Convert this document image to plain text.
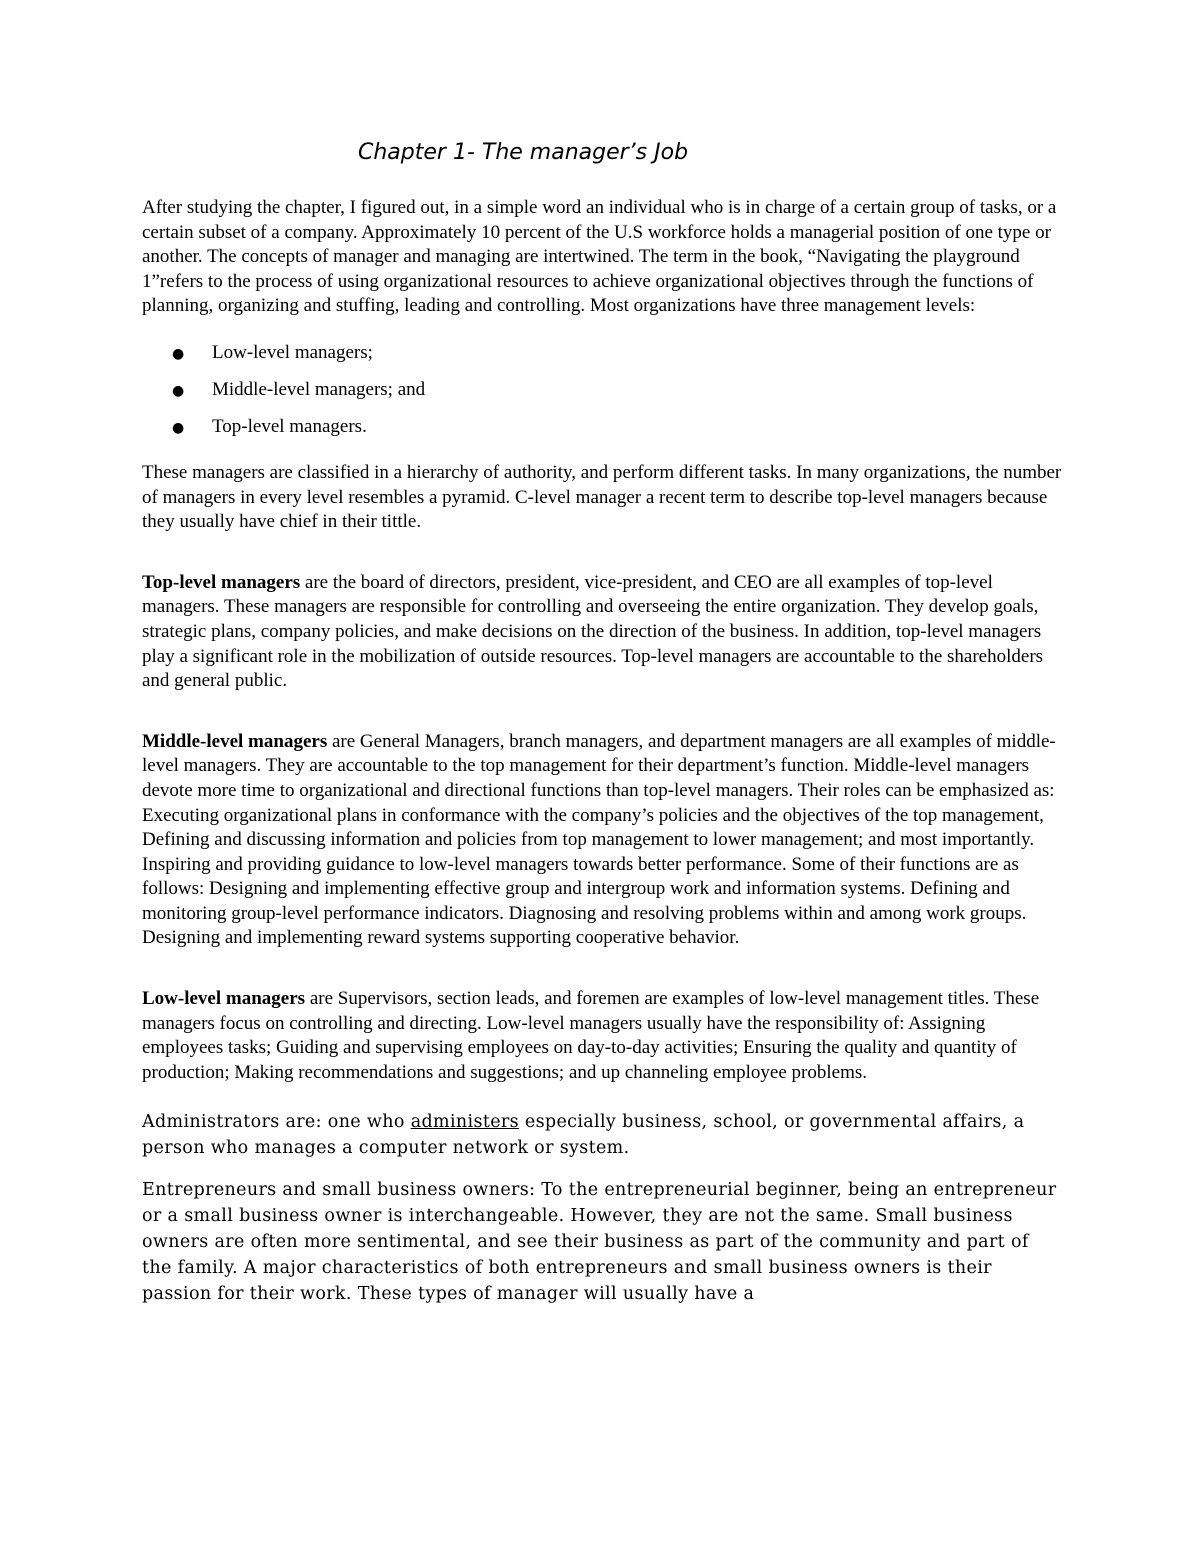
Chapter 1- The manager’s Job

After studying the chapter, I figured out, in a simple word an individual who is in charge of a certain group of tasks, or a certain subset of a company. Approximately 10 percent of the U.S workforce holds a managerial position of one type or another. The concepts of manager and managing are intertwined. The term in the book, “Navigating the playground 1”refers to the process of using organizational resources to achieve organizational objectives through the functions of planning, organizing and stuffing, leading and controlling. Most organizations have three management levels:

● Low-level managers;
● Middle-level managers; and
● Top-level managers.

These managers are classified in a hierarchy of authority, and perform different tasks. In many organizations, the number of managers in every level resembles a pyramid. C-level manager a recent term to describe top-level managers because they usually have chief in their tittle.

Top-level managers are the board of directors, president, vice-president, and CEO are all examples of top-level managers. These managers are responsible for controlling and overseeing the entire organization. They develop goals, strategic plans, company policies, and make decisions on the direction of the business. In addition, top-level managers play a significant role in the mobilization of outside resources. Top-level managers are accountable to the shareholders and general public.

Middle-level managers are General Managers, branch managers, and department managers are all examples of middle-level managers. They are accountable to the top management for their department’s function. Middle-level managers devote more time to organizational and directional functions than top-level managers. Their roles can be emphasized as: Executing organizational plans in conformance with the company’s policies and the objectives of the top management, Defining and discussing information and policies from top management to lower management; and most importantly. Inspiring and providing guidance to low-level managers towards better performance. Some of their functions are as follows: Designing and implementing effective group and intergroup work and information systems. Defining and monitoring group-level performance indicators. Diagnosing and resolving problems within and among work groups. Designing and implementing reward systems supporting cooperative behavior.

Low-level managers are Supervisors, section leads, and foremen are examples of low-level management titles. These managers focus on controlling and directing. Low-level managers usually have the responsibility of: Assigning employees tasks; Guiding and supervising employees on day-to-day activities; Ensuring the quality and quantity of production; Making recommendations and suggestions; and up channeling employee problems.

Administrators are: one who administers especially business, school, or governmental affairs, a person who manages a computer network or system.

Entrepreneurs and small business owners: To the entrepreneurial beginner, being an entrepreneur or a small business owner is interchangeable. However, they are not the same. Small business owners are often more sentimental, and see their business as part of the community and part of the family. A major characteristics of both entrepreneurs and small business owners is their passion for their work. These types of manager will usually have a
